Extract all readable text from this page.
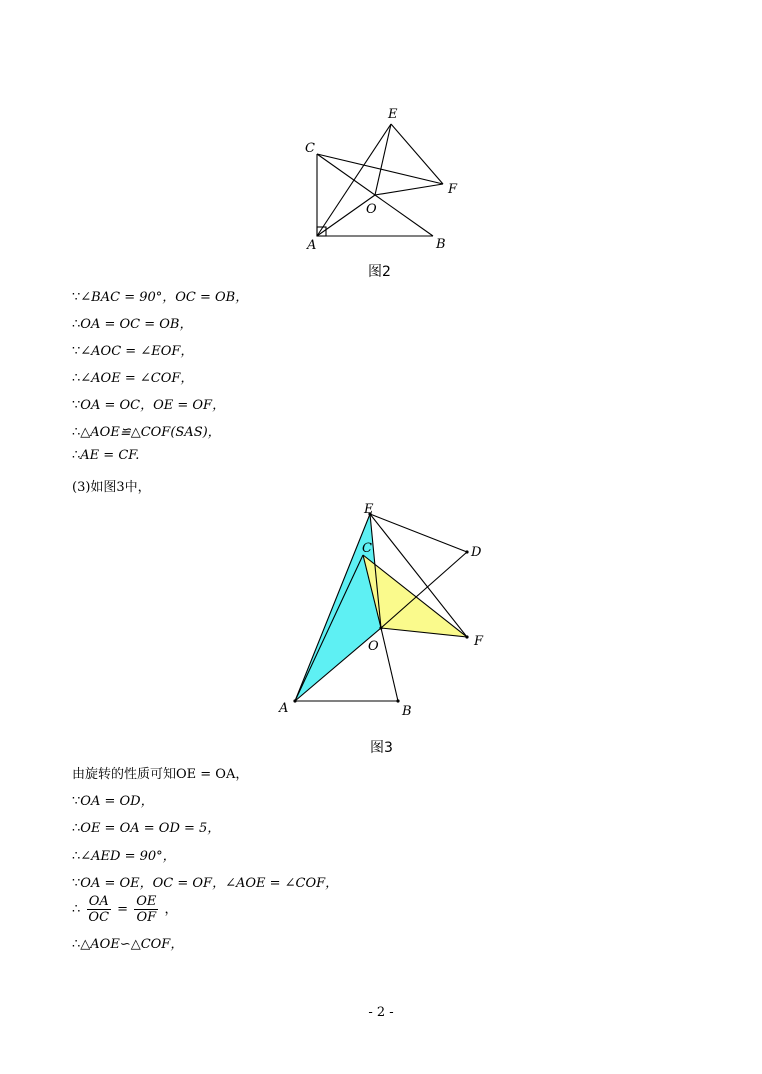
C
E
F
O
A	B
图2
∵∠BAC = 90°，OC = OB，
∴OA = OC = OB，
∵∠AOC = ∠EOF，
∴∠AOE = ∠COF，
∵OA = OC，OE = OF，
∴△AOE≌△COF(SAS)，
∴AE = CF.
(3)如图3中，
E
C	D
F
O
A	B
图3
由旋转的性质可知OE = OA，
∵OA = OD，
∴OE = OA = OD = 5，
∴∠AED = 90°，
∵OA = OE，OC = OF，∠AOE = ∠COF，
∴ $\frac{OA}{OC} = \frac{OE}{OF}$ ，
∴△AOE∽△COF，
- 2 -
